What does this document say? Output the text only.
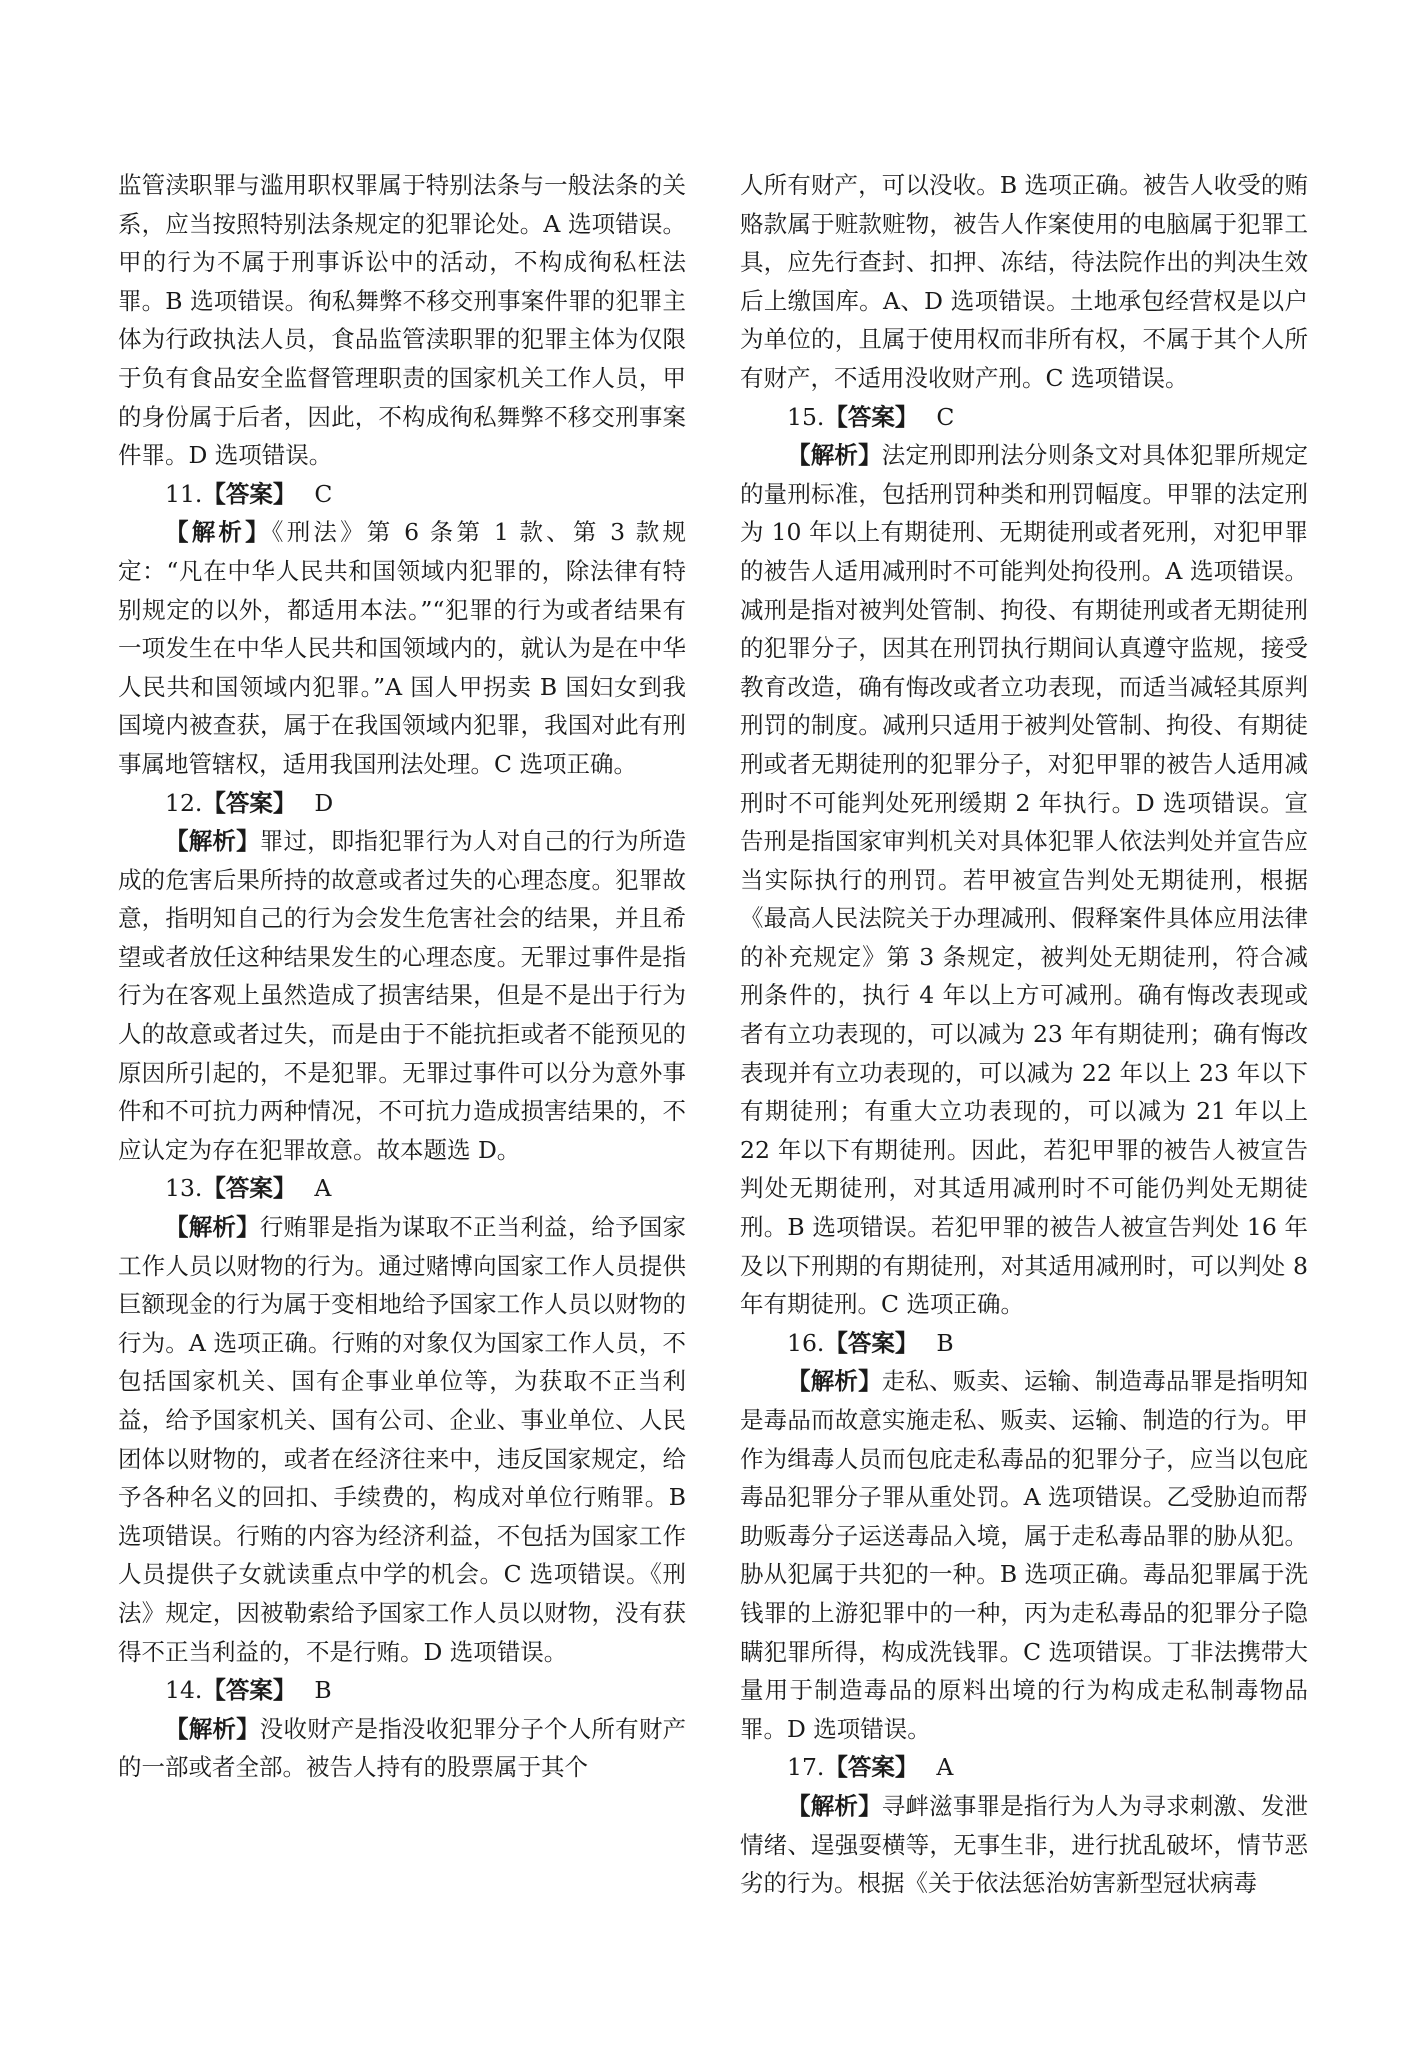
监管渎职罪与滥用职权罪属于特别法条与一般法条的关系，应当按照特别法条规定的犯罪论处。A 选项错误。甲的行为不属于刑事诉讼中的活动，不构成徇私枉法罪。B 选项错误。徇私舞弊不移交刑事案件罪的犯罪主体为行政执法人员，食品监管渎职罪的犯罪主体为仅限于负有食品安全监督管理职责的国家机关工作人员，甲的身份属于后者，因此，不构成徇私舞弊不移交刑事案件罪。D 选项错误。

11.【答案】 C

【解析】《刑法》第 6 条第 1 款、第 3 款规定：“凡在中华人民共和国领域内犯罪的，除法律有特别规定的以外，都适用本法。”“犯罪的行为或者结果有一项发生在中华人民共和国领域内的，就认为是在中华人民共和国领域内犯罪。”A 国人甲拐卖 B 国妇女到我国境内被查获，属于在我国领域内犯罪，我国对此有刑事属地管辖权，适用我国刑法处理。C 选项正确。

12.【答案】 D

【解析】罪过，即指犯罪行为人对自己的行为所造成的危害后果所持的故意或者过失的心理态度。犯罪故意，指明知自己的行为会发生危害社会的结果，并且希望或者放任这种结果发生的心理态度。无罪过事件是指行为在客观上虽然造成了损害结果，但是不是出于行为人的故意或者过失，而是由于不能抗拒或者不能预见的原因所引起的，不是犯罪。无罪过事件可以分为意外事件和不可抗力两种情况，不可抗力造成损害结果的，不应认定为存在犯罪故意。故本题选 D。

13.【答案】 A

【解析】行贿罪是指为谋取不正当利益，给予国家工作人员以财物的行为。通过赌博向国家工作人员提供巨额现金的行为属于变相地给予国家工作人员以财物的行为。A 选项正确。行贿的对象仅为国家工作人员，不包括国家机关、国有企事业单位等，为获取不正当利益，给予国家机关、国有公司、企业、事业单位、人民团体以财物的，或者在经济往来中，违反国家规定，给予各种名义的回扣、手续费的，构成对单位行贿罪。B 选项错误。行贿的内容为经济利益，不包括为国家工作人员提供子女就读重点中学的机会。C 选项错误。《刑法》规定，因被勒索给予国家工作人员以财物，没有获得不正当利益的，不是行贿。D 选项错误。

14.【答案】 B

【解析】没收财产是指没收犯罪分子个人所有财产的一部或者全部。被告人持有的股票属于其个

人所有财产，可以没收。B 选项正确。被告人收受的贿赂款属于赃款赃物，被告人作案使用的电脑属于犯罪工具，应先行查封、扣押、冻结，待法院作出的判决生效后上缴国库。A、D 选项错误。土地承包经营权是以户为单位的，且属于使用权而非所有权，不属于其个人所有财产，不适用没收财产刑。C 选项错误。

15.【答案】 C

【解析】法定刑即刑法分则条文对具体犯罪所规定的量刑标准，包括刑罚种类和刑罚幅度。甲罪的法定刑为 10 年以上有期徒刑、无期徒刑或者死刑，对犯甲罪的被告人适用减刑时不可能判处拘役刑。A 选项错误。减刑是指对被判处管制、拘役、有期徒刑或者无期徒刑的犯罪分子，因其在刑罚执行期间认真遵守监规，接受教育改造，确有悔改或者立功表现，而适当减轻其原判刑罚的制度。减刑只适用于被判处管制、拘役、有期徒刑或者无期徒刑的犯罪分子，对犯甲罪的被告人适用减刑时不可能判处死刑缓期 2 年执行。D 选项错误。宣告刑是指国家审判机关对具体犯罪人依法判处并宣告应当实际执行的刑罚。若甲被宣告判处无期徒刑，根据《最高人民法院关于办理减刑、假释案件具体应用法律的补充规定》第 3 条规定，被判处无期徒刑，符合减刑条件的，执行 4 年以上方可减刑。确有悔改表现或者有立功表现的，可以减为 23 年有期徒刑；确有悔改表现并有立功表现的，可以减为 22 年以上 23 年以下有期徒刑；有重大立功表现的，可以减为 21 年以上 22 年以下有期徒刑。因此，若犯甲罪的被告人被宣告判处无期徒刑，对其适用减刑时不可能仍判处无期徒刑。B 选项错误。若犯甲罪的被告人被宣告判处 16 年及以下刑期的有期徒刑，对其适用减刑时，可以判处 8 年有期徒刑。C 选项正确。

16.【答案】 B

【解析】走私、贩卖、运输、制造毒品罪是指明知是毒品而故意实施走私、贩卖、运输、制造的行为。甲作为缉毒人员而包庇走私毒品的犯罪分子，应当以包庇毒品犯罪分子罪从重处罚。A 选项错误。乙受胁迫而帮助贩毒分子运送毒品入境，属于走私毒品罪的胁从犯。胁从犯属于共犯的一种。B 选项正确。毒品犯罪属于洗钱罪的上游犯罪中的一种，丙为走私毒品的犯罪分子隐瞒犯罪所得，构成洗钱罪。C 选项错误。丁非法携带大量用于制造毒品的原料出境的行为构成走私制毒物品罪。D 选项错误。

17.【答案】 A

【解析】寻衅滋事罪是指行为人为寻求刺激、发泄情绪、逞强耍横等，无事生非，进行扰乱破坏，情节恶劣的行为。根据《关于依法惩治妨害新型冠状病毒
